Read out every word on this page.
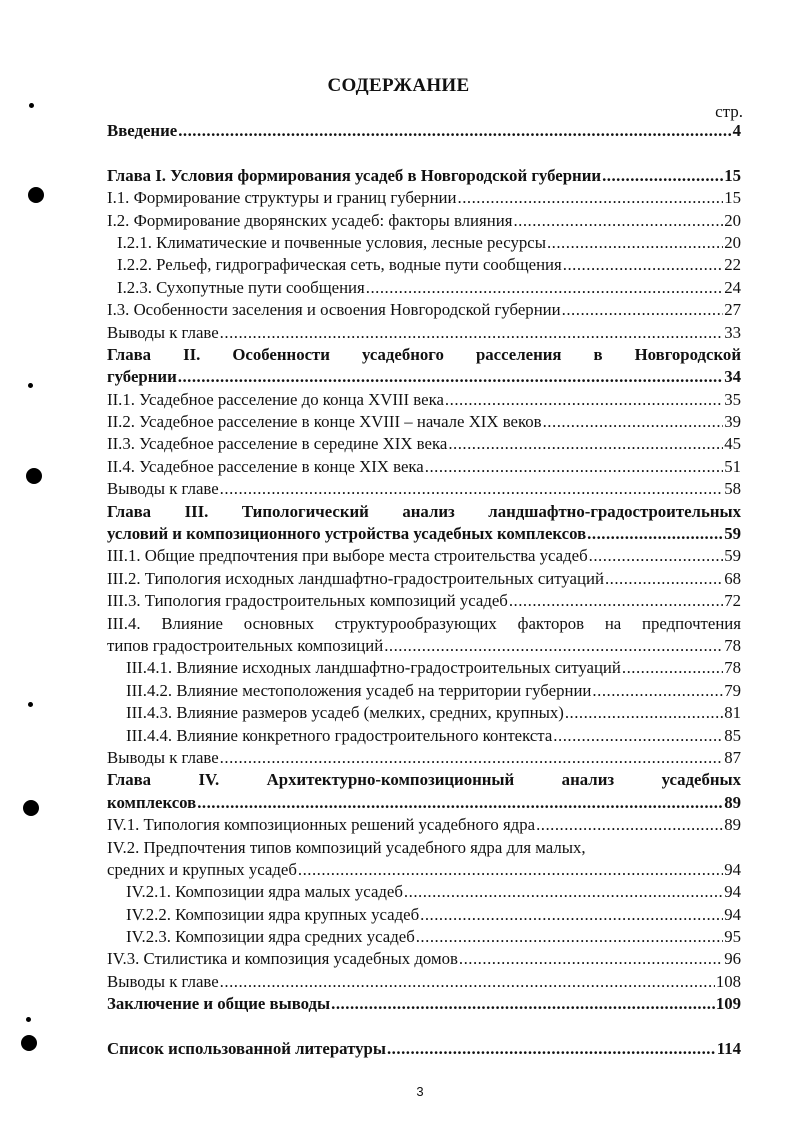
СОДЕРЖАНИЕ
стр.
Введение .....	4
Глава I. Условия формирования усадеб в Новгородской губернии .....	15
I.1. Формирование структуры и границ губернии .....	15
I.2. Формирование дворянских усадеб: факторы влияния .....	20
I.2.1. Климатические и почвенные условия, лесные ресурсы .....	20
I.2.2. Рельеф, гидрографическая сеть, водные пути сообщения .....	22
I.2.3. Сухопутные пути сообщения .....	24
I.3. Особенности заселения и освоения Новгородской губернии .....	27
Выводы к главе .....	33
Глава II. Особенности усадебного расселения в Новгородской
губернии .....	34
II.1. Усадебное расселение до конца XVIII века .....	35
II.2. Усадебное расселение в конце XVIII – начале XIX веков .....	39
II.3. Усадебное расселение в середине XIX века .....	45
II.4. Усадебное расселение в конце XIX века .....	51
Выводы к главе .....	58
Глава III. Типологический анализ ландшафтно-градостроительных
условий и композиционного устройства усадебных комплексов .....	59
III.1. Общие предпочтения при выборе места строительства усадеб .....	59
III.2. Типология исходных ландшафтно-градостроительных ситуаций .....	68
III.3. Типология градостроительных композиций усадеб .....	72
III.4. Влияние основных структурообразующих факторов на предпочтения
типов градостроительных композиций .....	78
III.4.1. Влияние исходных ландшафтно-градостроительных ситуаций .....	78
III.4.2. Влияние местоположения усадеб на территории губернии .....	79
III.4.3. Влияние размеров усадеб (мелких, средних, крупных) .....	81
III.4.4. Влияние конкретного градостроительного контекста .....	85
Выводы к главе .....	87
Глава IV. Архитектурно-композиционный анализ усадебных
комплексов .....	89
IV.1. Типология композиционных решений усадебного ядра .....	89
IV.2. Предпочтения типов композиций усадебного ядра для малых,
средних и крупных усадеб .....	94
IV.2.1. Композиции ядра малых усадеб .....	94
IV.2.2. Композиции ядра крупных усадеб .....	94
IV.2.3. Композиции ядра средних усадеб .....	95
IV.3. Стилистика и композиция усадебных домов .....	96
Выводы к главе .....	108
Заключение и общие выводы .....	109
Список использованной литературы .....	114
3
